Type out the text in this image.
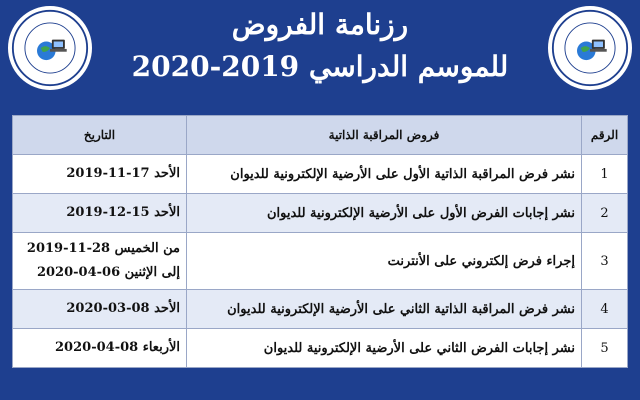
رزنامة الفروض
للموسم الدراسي 2019-2020
الرقم	فروض المراقبة الذاتية	التاريخ
1	نشر فرض المراقبة الذاتية الأول على الأرضية الإلكترونية للديوان	الأحد 17-11-2019

2	نشر إجابات الفرض الأول على الأرضية الإلكترونية للديوان	الأحد 15-12-2019

3	إجراء فرض إلكتروني على الأنترنت	من الخميس 28-11-2019
إلى الإثنين 06-04-2020

4	نشر فرض المراقبة الذاتية الثاني على الأرضية الإلكترونية للديوان	الأحد 08-03-2020

5	نشر إجابات الفرض الثاني على الأرضية الإلكترونية للديوان	الأربعاء 08-04-2020
